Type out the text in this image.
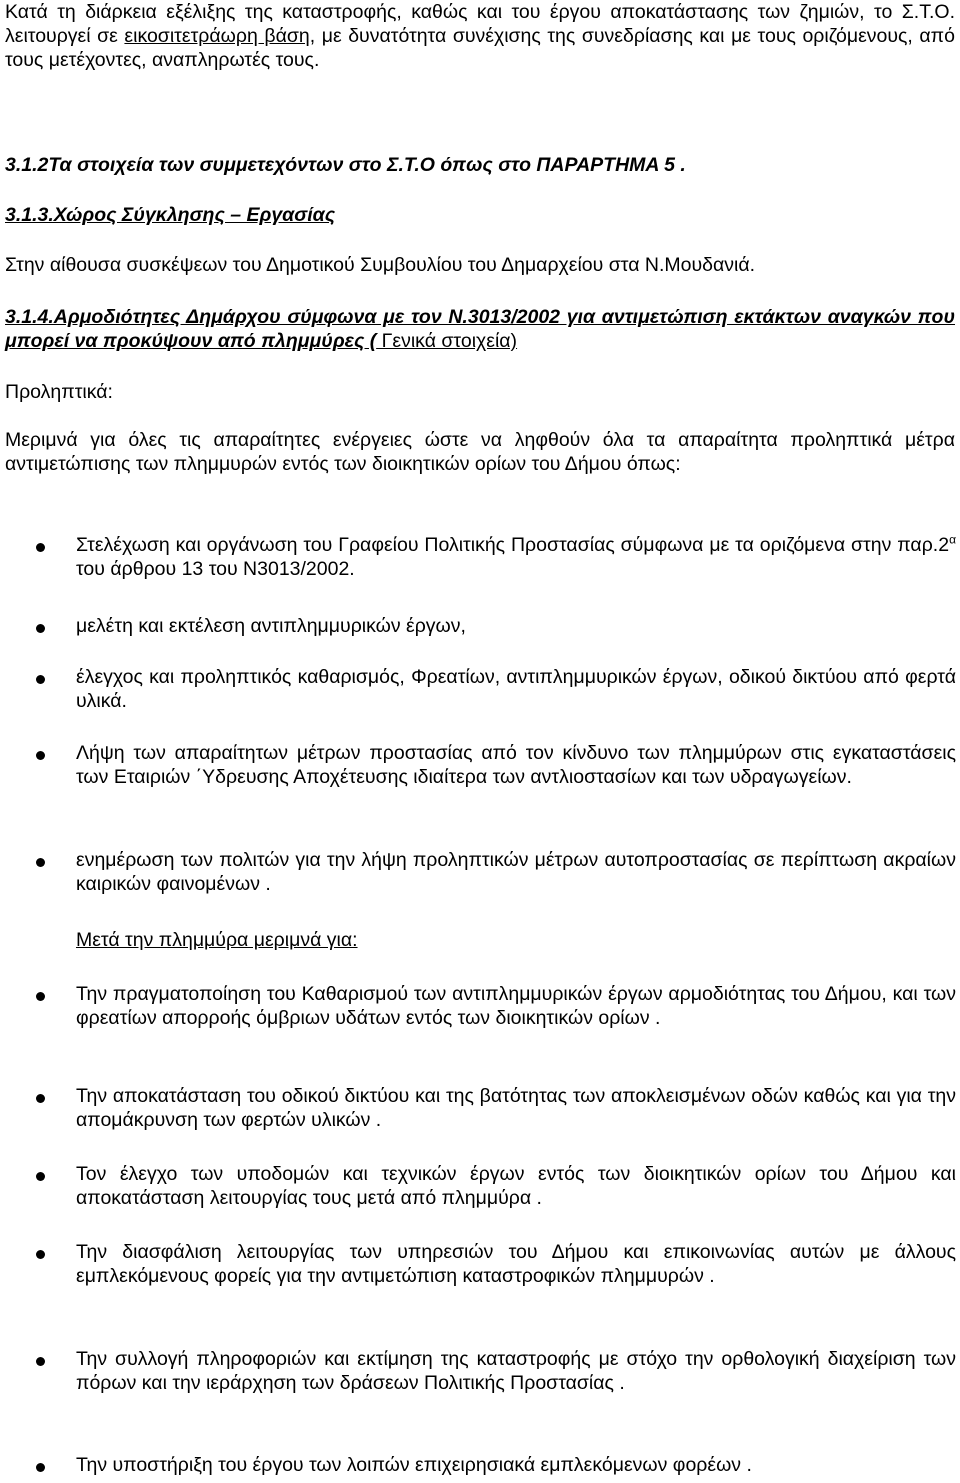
Κατά τη διάρκεια εξέλιξης της καταστροφής, καθώς και του έργου αποκατάστασης των ζημιών, το Σ.Τ.Ο. λειτουργεί σε εικοσιτετράωρη βάση, με δυνατότητα συνέχισης της συνεδρίασης και με τους οριζόμενους, από τους μετέχοντες, αναπληρωτές τους.

3.1.2Τα στοιχεία των συμμετεχόντων στο Σ.Τ.Ο όπως στο ΠΑΡΑΡΤΗΜΑ 5 .

3.1.3.Χώρος Σύγκλησης – Εργασίας

Στην αίθουσα συσκέψεων του Δημοτικού Συμβουλίου του Δημαρχείου στα Ν.Μουδανιά.

3.1.4.Αρμοδιότητες Δημάρχου σύμφωνα με τον Ν.3013/2002 για αντιμετώπιση εκτάκτων αναγκών που μπορεί να προκύψουν από πλημμύρες ( Γενικά στοιχεία)

Προληπτικά:

Μεριμνά για όλες τις απαραίτητες ενέργειες ώστε να ληφθούν όλα τα απαραίτητα προληπτικά μέτρα αντιμετώπισης των πλημμυρών εντός των διοικητικών ορίων του Δήμου όπως:

Στελέχωση και οργάνωση του Γραφείου Πολιτικής Προστασίας σύμφωνα με τα οριζόμενα στην $\pi\alpha\rho.2^\alpha$ του άρθρου 13 του Ν3013/2002.

μελέτη και εκτέλεση αντιπλημμυρικών έργων,

έλεγχος και προληπτικός καθαρισμός, Φρεατίων, αντιπλημμυρικών έργων, οδικού δικτύου από φερτά υλικά.

Λήψη των απαραίτητων μέτρων προστασίας από τον κίνδυνο των πλημμύρων στις εγκαταστάσεις των Εταιριών ΄Υδρευσης Αποχέτευσης ιδιαίτερα των αντλιοστασίων και των υδραγωγείων.

ενημέρωση των πολιτών για την λήψη προληπτικών μέτρων αυτοπροστασίας σε περίπτωση ακραίων καιρικών φαινομένων .

Μετά την πλημμύρα μεριμνά για:

Την πραγματοποίηση του Καθαρισμού των αντιπλημμυρικών έργων αρμοδιότητας του Δήμου, και των φρεατίων απορροής όμβριων υδάτων εντός των διοικητικών ορίων .

Την αποκατάσταση του οδικού δικτύου και της βατότητας των αποκλεισμένων οδών καθώς και για την απομάκρυνση των φερτών υλικών .

Τον έλεγχο των υποδομών και τεχνικών έργων εντός των διοικητικών ορίων του Δήμου και αποκατάσταση λειτουργίας τους μετά από πλημμύρα .

Την διασφάλιση λειτουργίας των υπηρεσιών του Δήμου και επικοινωνίας αυτών με άλλους εμπλεκόμενους φορείς για την αντιμετώπιση καταστροφικών πλημμυρών .

Την συλλογή πληροφοριών και εκτίμηση της καταστροφής με στόχο την ορθολογική διαχείριση των πόρων και την ιεράρχηση των δράσεων Πολιτικής Προστασίας .

Την υποστήριξη του έργου των λοιπών επιχειρησιακά εμπλεκόμενων φορέων .
